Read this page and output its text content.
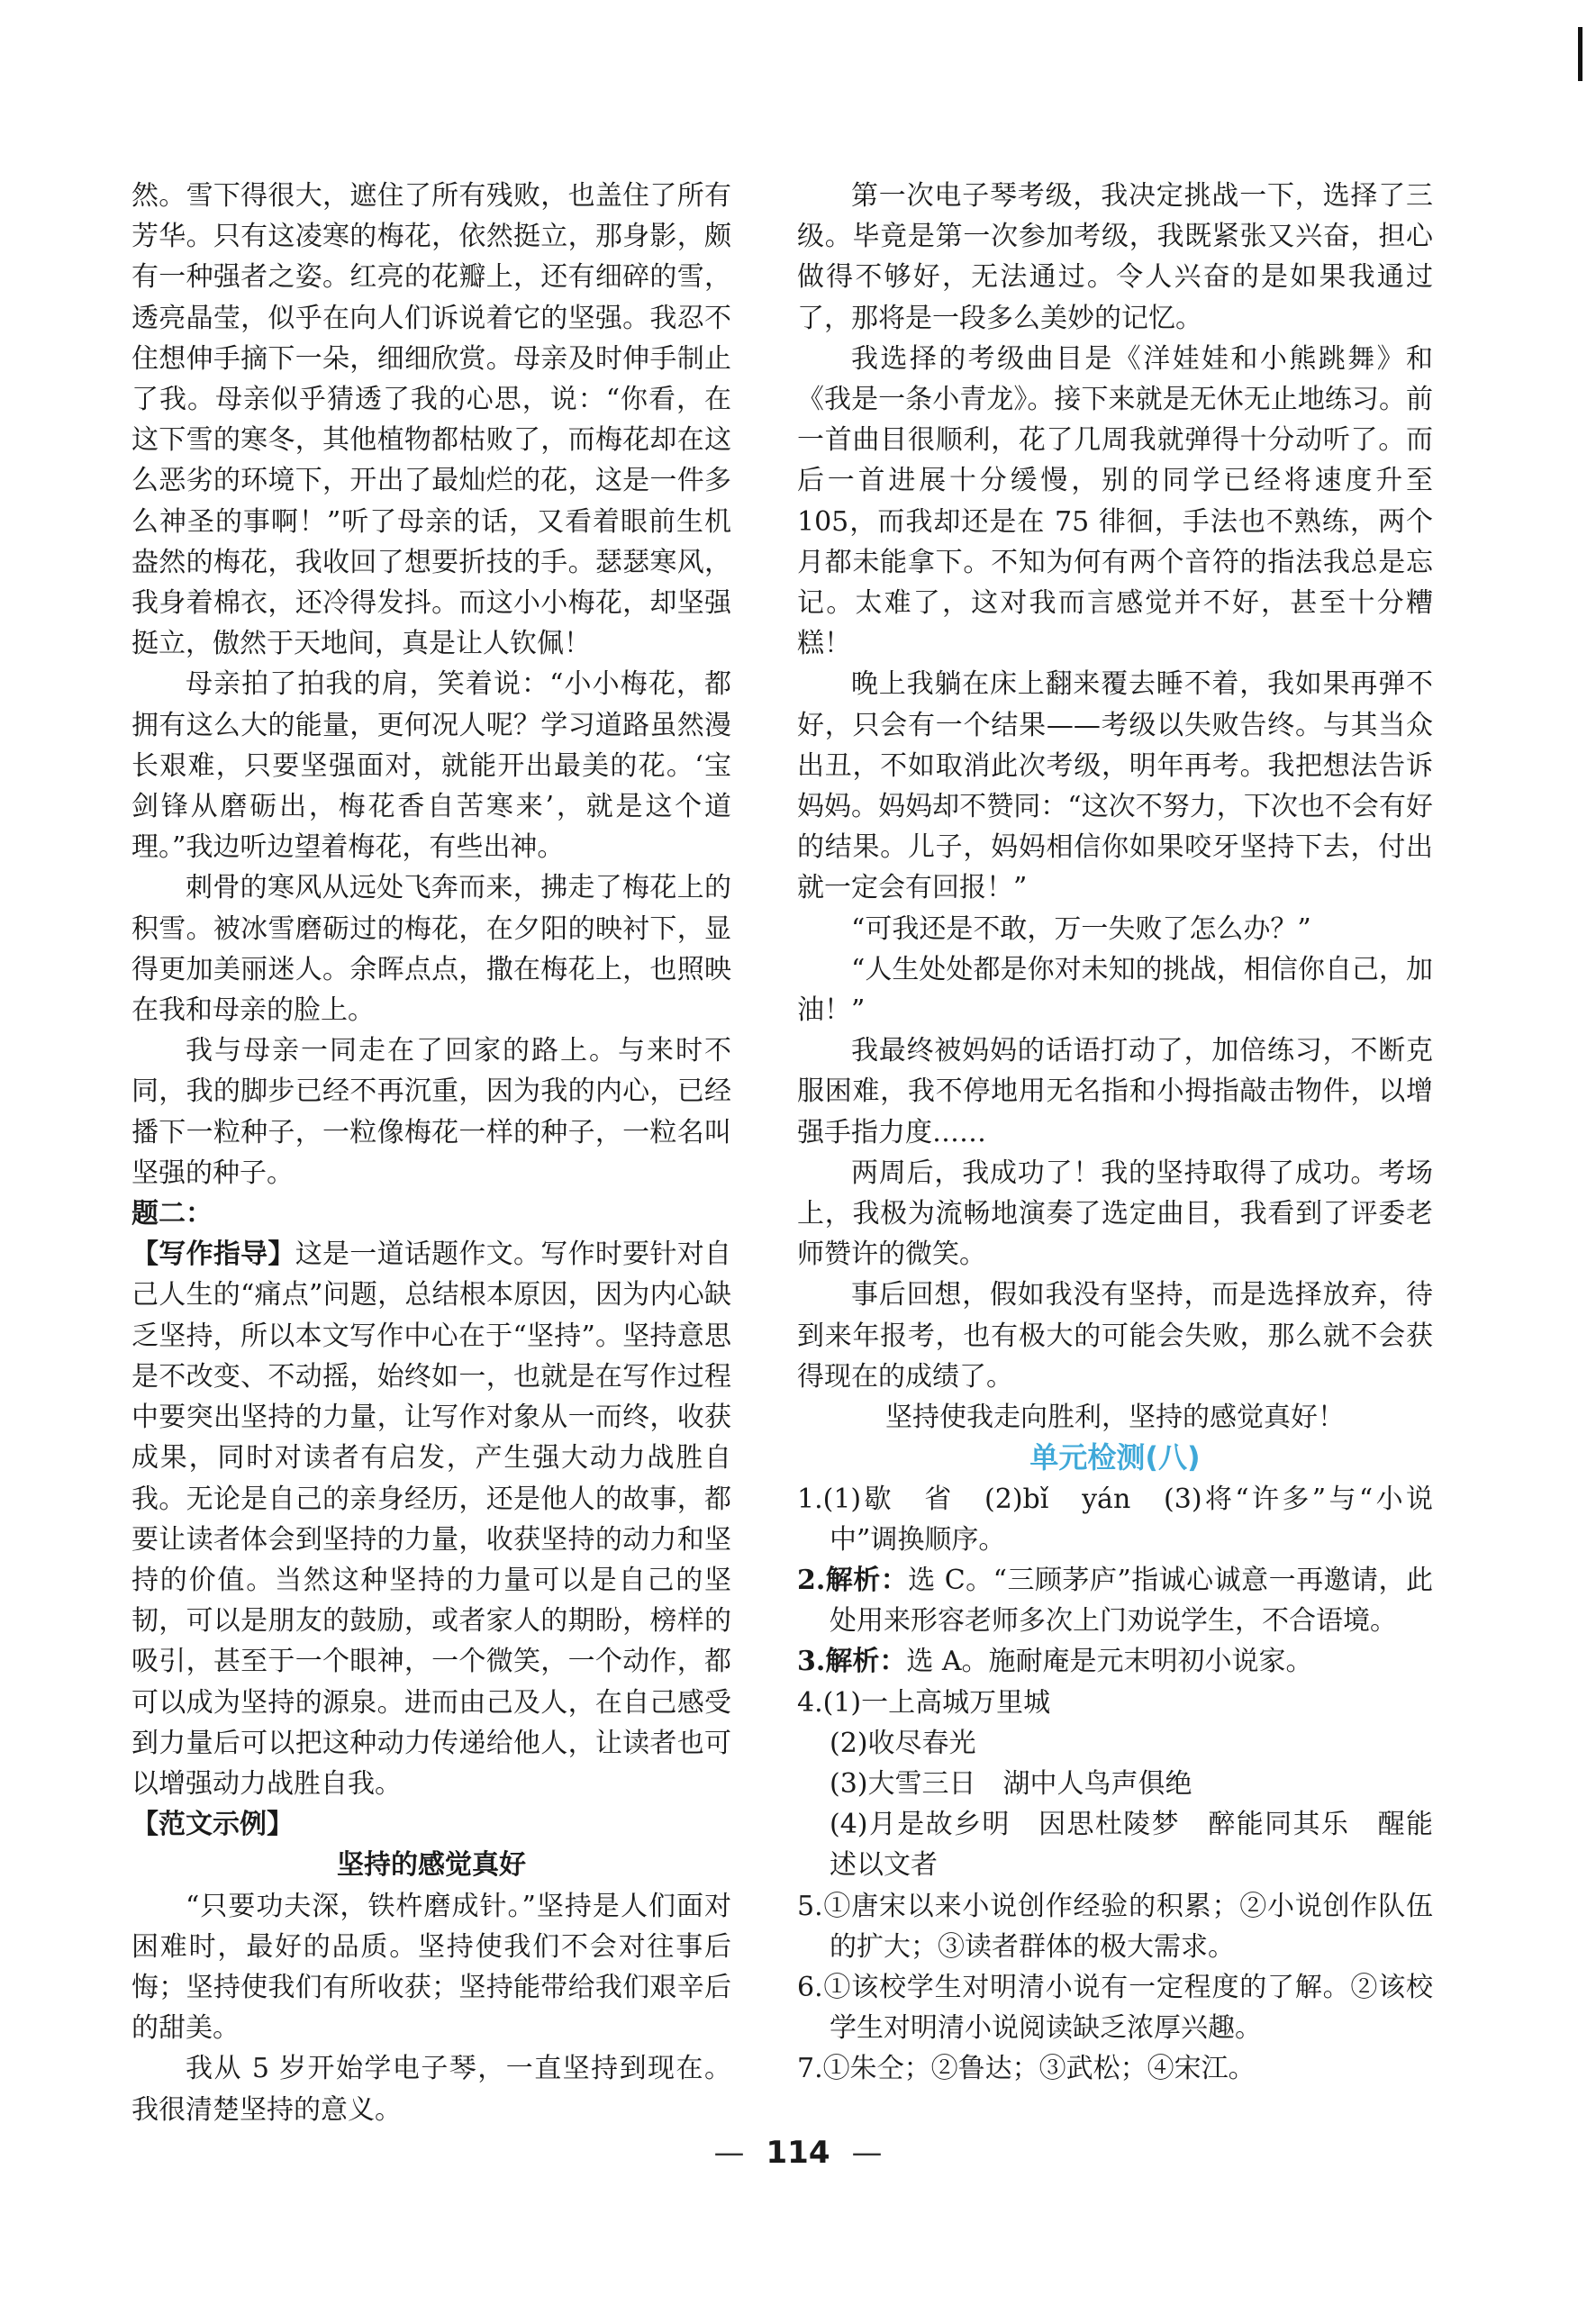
然。雪下得很大，遮住了所有残败，也盖住了所有芳华。只有这凌寒的梅花，依然挺立，那身影，颇有一种强者之姿。红亮的花瓣上，还有细碎的雪，透亮晶莹，似乎在向人们诉说着它的坚强。我忍不住想伸手摘下一朵，细细欣赏。母亲及时伸手制止了我。母亲似乎猜透了我的心思，说：“你看，在这下雪的寒冬，其他植物都枯败了，而梅花却在这么恶劣的环境下，开出了最灿烂的花，这是一件多么神圣的事啊！”听了母亲的话，又看着眼前生机盎然的梅花，我收回了想要折技的手。瑟瑟寒风，我身着棉衣，还冷得发抖。而这小小梅花，却坚强挺立，傲然于天地间，真是让人钦佩！

母亲拍了拍我的肩，笑着说：“小小梅花，都拥有这么大的能量，更何况人呢？学习道路虽然漫长艰难，只要坚强面对，就能开出最美的花。‘宝剑锋从磨砺出，梅花香自苦寒来’，就是这个道理。”我边听边望着梅花，有些出神。

刺骨的寒风从远处飞奔而来，拂走了梅花上的积雪。被冰雪磨砺过的梅花，在夕阳的映衬下，显得更加美丽迷人。余晖点点，撒在梅花上，也照映在我和母亲的脸上。

我与母亲一同走在了回家的路上。与来时不同，我的脚步已经不再沉重，因为我的内心，已经播下一粒种子，一粒像梅花一样的种子，一粒名叫坚强的种子。

题二：

【写作指导】这是一道话题作文。写作时要针对自己人生的“痛点”问题，总结根本原因，因为内心缺乏坚持，所以本文写作中心在于“坚持”。坚持意思是不改变、不动摇，始终如一，也就是在写作过程中要突出坚持的力量，让写作对象从一而终，收获成果，同时对读者有启发，产生强大动力战胜自我。无论是自己的亲身经历，还是他人的故事，都要让读者体会到坚持的力量，收获坚持的动力和坚持的价值。当然这种坚持的力量可以是自己的坚韧，可以是朋友的鼓励，或者家人的期盼，榜样的吸引，甚至于一个眼神，一个微笑，一个动作，都可以成为坚持的源泉。进而由己及人，在自己感受到力量后可以把这种动力传递给他人，让读者也可以增强动力战胜自我。

【范文示例】

坚持的感觉真好

“只要功夫深，铁杵磨成针。”坚持是人们面对困难时，最好的品质。坚持使我们不会对往事后悔；坚持使我们有所收获；坚持能带给我们艰辛后的甜美。

我从 5 岁开始学电子琴，一直坚持到现在。我很清楚坚持的意义。

第一次电子琴考级，我决定挑战一下，选择了三级。毕竟是第一次参加考级，我既紧张又兴奋，担心做得不够好，无法通过。令人兴奋的是如果我通过了，那将是一段多么美妙的记忆。

我选择的考级曲目是《洋娃娃和小熊跳舞》和《我是一条小青龙》。接下来就是无休无止地练习。前一首曲目很顺利，花了几周我就弹得十分动听了。而后一首进展十分缓慢，别的同学已经将速度升至 105，而我却还是在 75 徘徊，手法也不熟练，两个月都未能拿下。不知为何有两个音符的指法我总是忘记。太难了，这对我而言感觉并不好，甚至十分糟糕！

晚上我躺在床上翻来覆去睡不着，我如果再弹不好，只会有一个结果——考级以失败告终。与其当众出丑，不如取消此次考级，明年再考。我把想法告诉妈妈。妈妈却不赞同：“这次不努力，下次也不会有好的结果。儿子，妈妈相信你如果咬牙坚持下去，付出就一定会有回报！”

“可我还是不敢，万一失败了怎么办？”

“人生处处都是你对未知的挑战，相信你自己，加油！”

我最终被妈妈的话语打动了，加倍练习，不断克服困难，我不停地用无名指和小拇指敲击物件，以增强手指力度……

两周后，我成功了！我的坚持取得了成功。考场上，我极为流畅地演奏了选定曲目，我看到了评委老师赞许的微笑。

事后回想，假如我没有坚持，而是选择放弃，待到来年报考，也有极大的可能会失败，那么就不会获得现在的成绩了。

坚持使我走向胜利，坚持的感觉真好！

单元检测(八)

1.(1)歇　省　(2)bǐ　yán　(3)将“许多”与“小说中”调换顺序。

2.解析：选 C。“三顾茅庐”指诚心诚意一再邀请，此处用来形容老师多次上门劝说学生，不合语境。

3.解析：选 A。施耐庵是元末明初小说家。

4.(1)一上高城万里城

(2)收尽春光

(3)大雪三日　湖中人鸟声俱绝

(4)月是故乡明　因思杜陵梦　醉能同其乐　醒能述以文者

5.①唐宋以来小说创作经验的积累；②小说创作队伍的扩大；③读者群体的极大需求。

6.①该校学生对明清小说有一定程度的了解。②该校学生对明清小说阅读缺乏浓厚兴趣。

7.①朱仝；②鲁达；③武松；④宋江。

— 114 —
